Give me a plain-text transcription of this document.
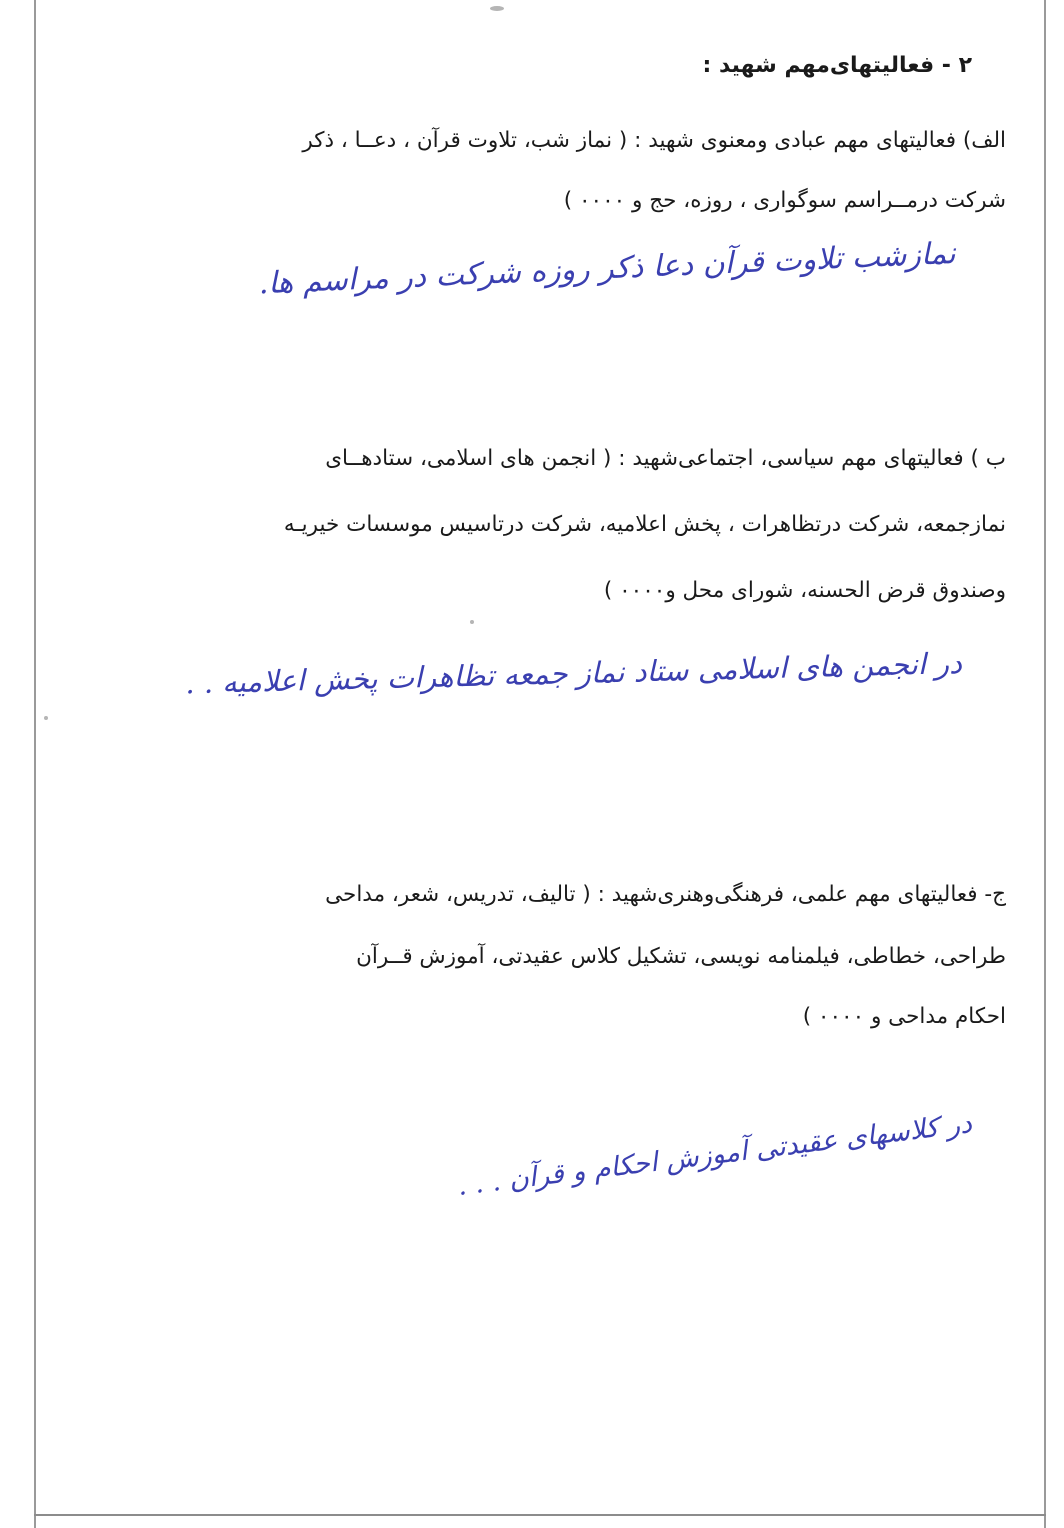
۲ - فعالیتهای‌مهم شهید :
الف) فعالیتهای مهم عبادی ومعنوی شهید : ( نماز شب، تلاوت قرآن ، دعــا ، ذکر
شرکت درمــراسم سوگواری ، روزه، حج و ۰۰۰۰ )
نمازشب تلاوت قرآن دعا ذکر روزه شرکت در مراسم ها.
ب ) فعالیتهای مهم سیاسی، اجتماعی‌شهید : ( انجمن های اسلامی، ستادهــای
نمازجمعه، شرکت درتظاهرات ، پخش اعلامیه، شرکت درتاسیس موسسات خیریـه
وصندوق قرض الحسنه، شورای محل و۰۰۰۰ )
در انجمن های اسلامی ستاد نماز جمعه تظاهرات پخش اعلامیه . .
ج- فعالیتهای مهم علمی، فرهنگی‌وهنری‌شهید : ( تالیف، تدریس، شعر، مداحی
طراحی، خطاطی، فیلمنامه نویسی، تشکیل کلاس عقیدتی، آموزش قــرآن
احکام مداحی و ۰۰۰۰ )
در کلاسهای عقیدتی آموزش احکام و قرآن . . .
